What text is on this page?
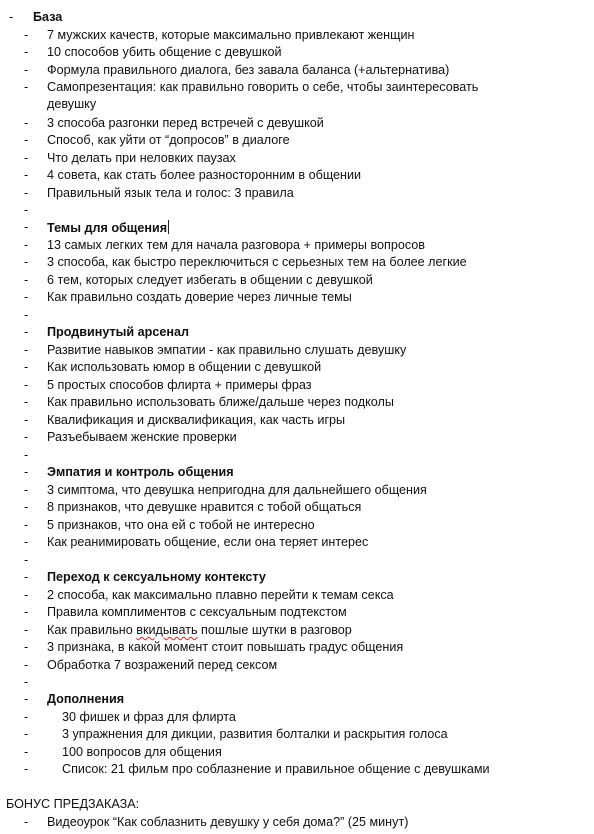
- База
- 7 мужских качеств, которые максимально привлекают женщин
- 10 способов убить общение с девушкой
- Формула правильного диалога, без завала баланса (+альтернатива)
- Самопрезентация: как правильно говорить о себе, чтобы заинтересовать
девушку
- 3 способа разгонки перед встречей с девушкой
- Способ, как уйти от “допросов” в диалоге
- Что делать при неловких паузах
- 4 совета, как стать более разносторонним в общении
- Правильный язык тела и голос: 3 правила
-
- Темы для общения
- 13 самых легких тем для начала разговора + примеры вопросов
- 3 способа, как быстро переключиться с серьезных тем на более легкие
- 6 тем, которых следует избегать в общении с девушкой
- Как правильно создать доверие через личные темы
-
- Продвинутый арсенал
- Развитие навыков эмпатии - как правильно слушать девушку
- Как использовать юмор в общении с девушкой
- 5 простых способов флирта + примеры фраз
- Как правильно использовать ближе/дальше через подколы
- Квалификация и дисквалификация, как часть игры
- Разъебываем женские проверки
-
- Эмпатия и контроль общения
- 3 симптома, что девушка непригодна для дальнейшего общения
- 8 признаков, что девушке нравится с тобой общаться
- 5 признаков, что она ей с тобой не интересно
- Как реанимировать общение, если она теряет интерес
-
- Переход к сексуальному контексту
- 2 способа, как максимально плавно перейти к темам секса
- Правила комплиментов с сексуальным подтекстом
- Как правильно вкидывать пошлые шутки в разговор
- 3 признака, в какой момент стоит повышать градус общения
- Обработка 7 возражений перед сексом
-
- Дополнения
-	30 фишек и фраз для флирта
-	3 упражнения для дикции, развития болталки и раскрытия голоса
-	100 вопросов для общения
-	Список: 21 фильм про соблазнение и правильное общение с девушками
БОНУС ПРЕДЗАКАЗА:
- Видеоурок “Как соблазнить девушку у себя дома?” (25 минут)
